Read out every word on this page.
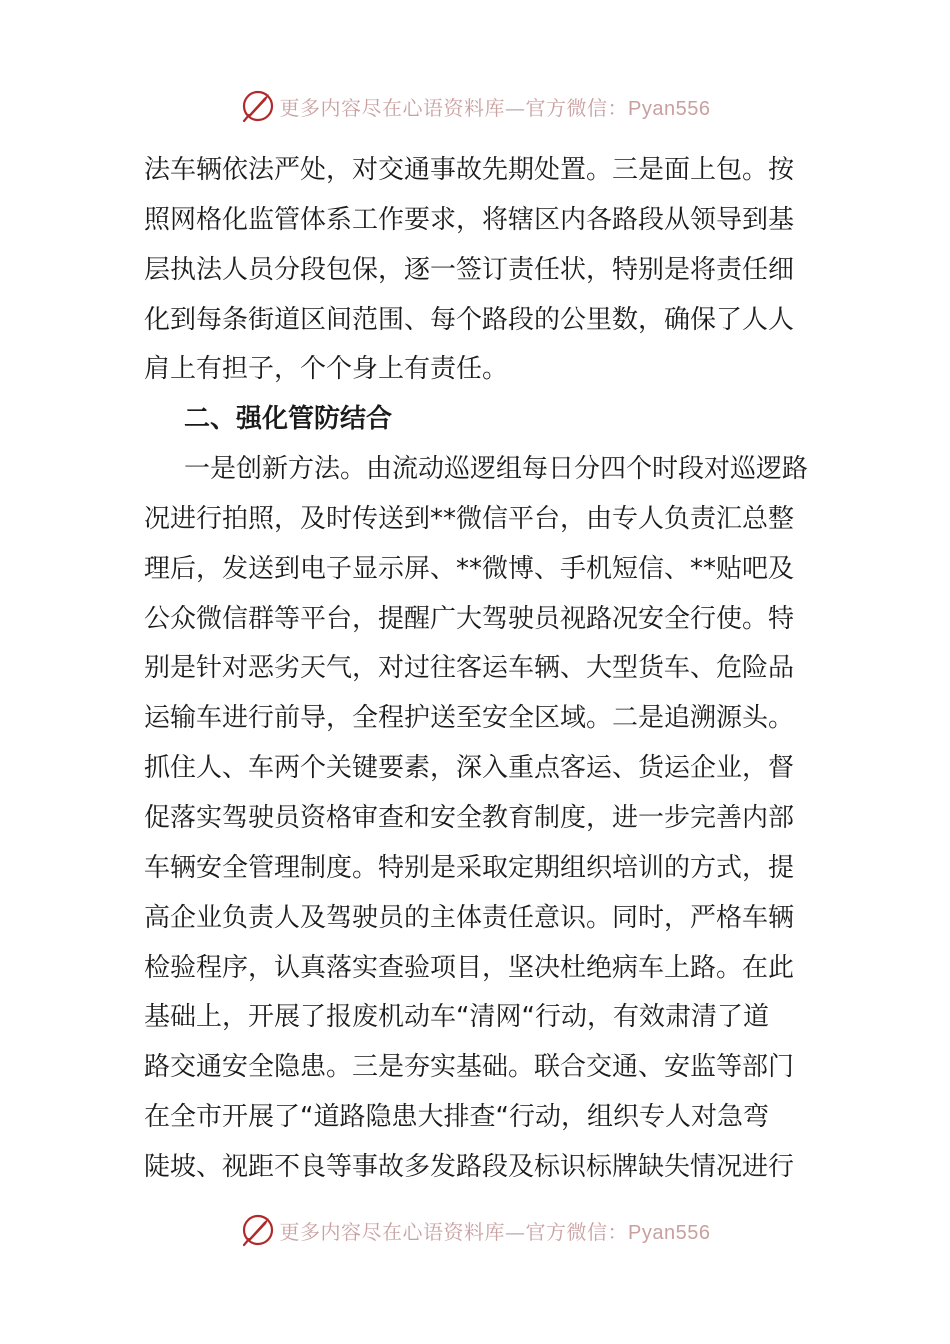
更多内容尽在心语资料库—官方微信：Pyan556
法车辆依法严处，对交通事故先期处置。三是面上包。按
照网格化监管体系工作要求，将辖区内各路段从领导到基
层执法人员分段包保，逐一签订责任状，特别是将责任细
化到每条街道区间范围、每个路段的公里数，确保了人人
肩上有担子，个个身上有责任。
二、强化管防结合
一是创新方法。由流动巡逻组每日分四个时段对巡逻路
况进行拍照，及时传送到**微信平台，由专人负责汇总整
理后，发送到电子显示屏、**微博、手机短信、**贴吧及
公众微信群等平台，提醒广大驾驶员视路况安全行使。特
别是针对恶劣天气，对过往客运车辆、大型货车、危险品
运输车进行前导，全程护送至安全区域。二是追溯源头。
抓住人、车两个关键要素，深入重点客运、货运企业，督
促落实驾驶员资格审查和安全教育制度，进一步完善内部
车辆安全管理制度。特别是采取定期组织培训的方式，提
高企业负责人及驾驶员的主体责任意识。同时，严格车辆
检验程序，认真落实查验项目，坚决杜绝病车上路。在此
基础上，开展了报废机动车“清网“行动，有效肃清了道
路交通安全隐患。三是夯实基础。联合交通、安监等部门
在全市开展了“道路隐患大排查“行动，组织专人对急弯
陡坡、视距不良等事故多发路段及标识标牌缺失情况进行
更多内容尽在心语资料库—官方微信：Pyan556
